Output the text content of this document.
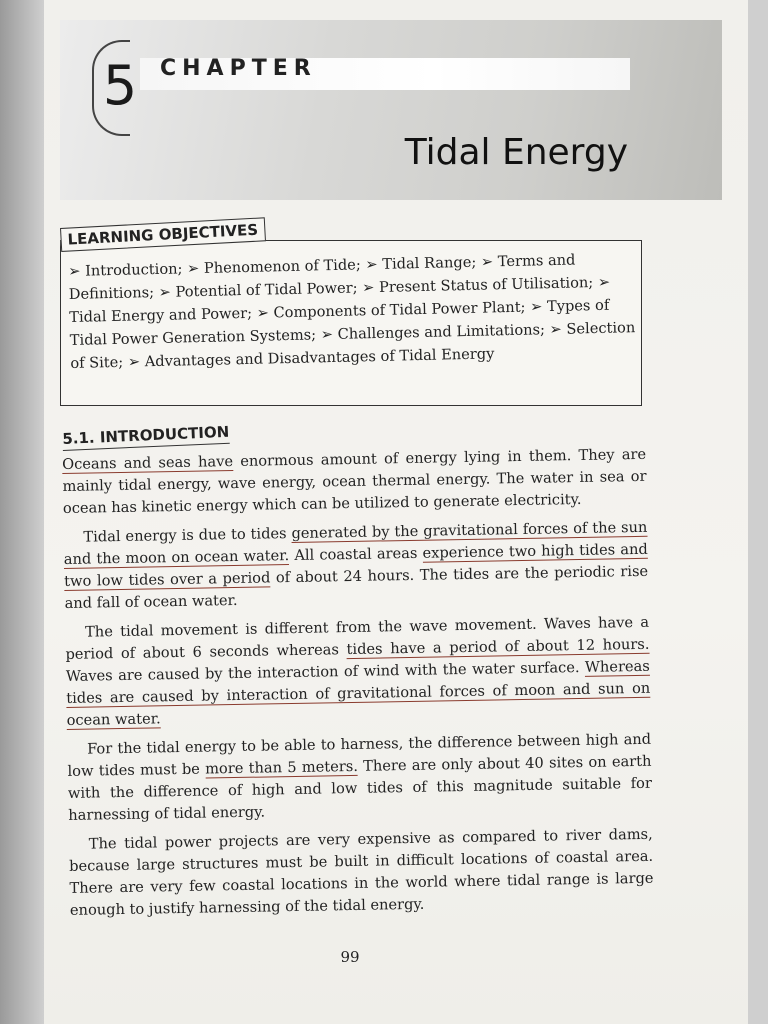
5 CHAPTER
Tidal Energy
LEARNING OBJECTIVES
➢ Introduction; ➢ Phenomenon of Tide; ➢ Tidal Range; ➢ Terms and Definitions; ➢ Potential of Tidal Power; ➢ Present Status of Utilisation; ➢ Tidal Energy and Power; ➢ Components of Tidal Power Plant; ➢ Types of Tidal Power Generation Systems; ➢ Challenges and Limitations; ➢ Selection of Site; ➢ Advantages and Disadvantages of Tidal Energy
5.1. INTRODUCTION

Oceans and seas have enormous amount of energy lying in them. They are mainly tidal energy, wave energy, ocean thermal energy. The water in sea or ocean has kinetic energy which can be utilized to generate electricity.

Tidal energy is due to tides generated by the gravitational forces of the sun and the moon on ocean water. All coastal areas experience two high tides and two low tides over a period of about 24 hours. The tides are the periodic rise and fall of ocean water.

The tidal movement is different from the wave movement. Waves have a period of about 6 seconds whereas tides have a period of about 12 hours. Waves are caused by the interaction of wind with the water surface. Whereas tides are caused by interaction of gravitational forces of moon and sun on ocean water.

For the tidal energy to be able to harness, the difference between high and low tides must be more than 5 meters. There are only about 40 sites on earth with the difference of high and low tides of this magnitude suitable for harnessing of tidal energy.

The tidal power projects are very expensive as compared to river dams, because large structures must be built in difficult locations of coastal area. There are very few coastal locations in the world where tidal range is large enough to justify harnessing of the tidal energy.

99
